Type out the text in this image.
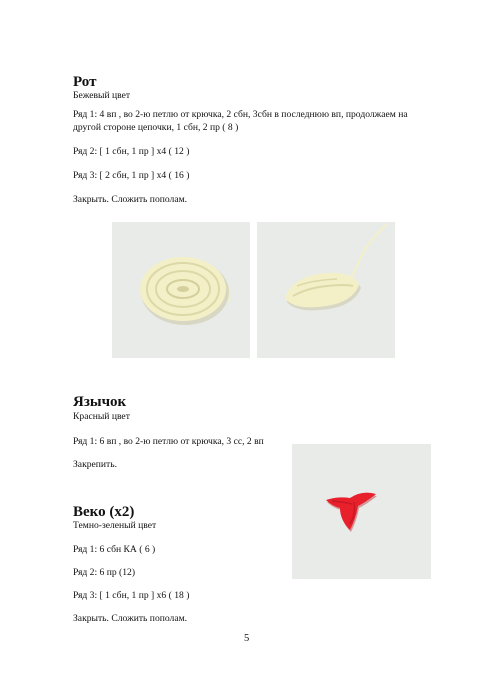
Рот
Бежевый цвет
Ряд 1: 4 вп , во 2-ю петлю от крючка, 2 сбн, 3сбн в последнюю вп, продолжаем на другой стороне цепочки, 1 сбн, 2 пр ( 8 )
Ряд 2: [ 1 сбн, 1 пр ] х4 ( 12 )
Ряд 3: [ 2 сбн, 1 пр ] х4 ( 16 )
Закрыть. Сложить пополам.
Язычок
Красный цвет
Ряд 1: 6 вп , во 2-ю петлю от крючка, 3 сс, 2 вп
Закрепить.
Веко (х2)
Темно-зеленый цвет
Ряд 1: 6 сбн КА ( 6 )
Ряд 2: 6 пр (12)
Ряд 3: [ 1 сбн, 1 пр ] х6 ( 18 )
Закрыть. Сложить пополам.
5
